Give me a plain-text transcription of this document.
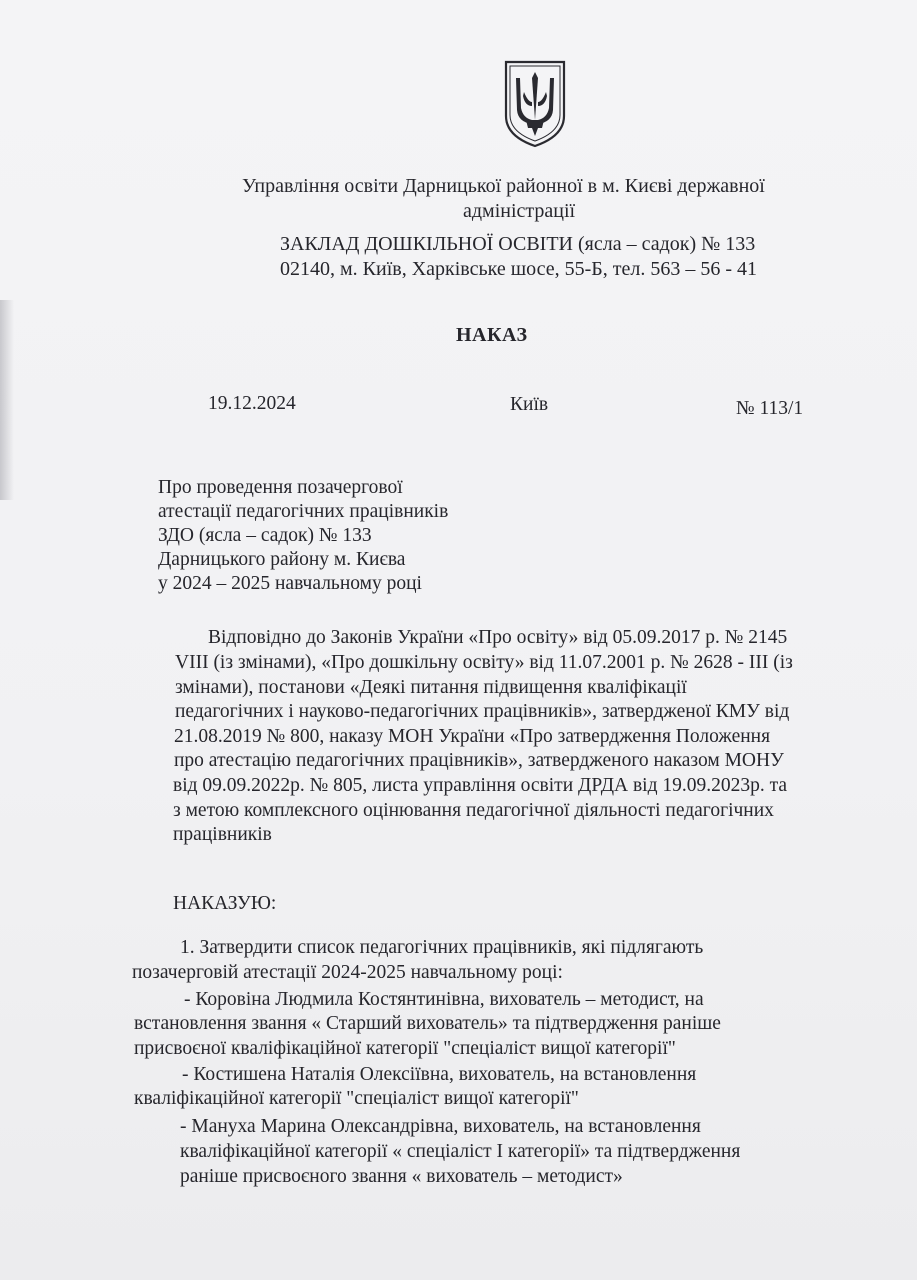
Управління освіти Дарницької районної в м. Києві державної
адміністрації
ЗАКЛАД ДОШКІЛЬНОЇ ОСВІТИ (ясла – садок) № 133
02140, м. Київ, Харківське шосе, 55-Б, тел. 563 – 56 - 41
НАКАЗ
19.12.2024	Київ	№ 113/1
Про проведення позачергової
атестації педагогічних працівників
ЗДО (ясла – садок) № 133
Дарницького району м. Києва
у 2024 – 2025 навчальному році
Відповідно до Законів України «Про освіту» від 05.09.2017 р. № 2145
VIII (із змінами), «Про дошкільну освіту» від 11.07.2001 р. № 2628 - ІІІ (із
змінами), постанови «Деякі питання підвищення кваліфікації
педагогічних і науково-педагогічних працівників», затвердженої КМУ від
21.08.2019 № 800, наказу МОН України «Про затвердження Положення
про атестацію педагогічних працівників», затвердженого наказом МОНУ
від 09.09.2022р. № 805, листа управління освіти ДРДА від 19.09.2023р. та
з метою комплексного оцінювання педагогічної діяльності педагогічних
працівників
НАКАЗУЮ:
1. Затвердити список педагогічних працівників, які підлягають
позачерговій атестації 2024-2025 навчальному році:
- Коровіна Людмила Костянтинівна, вихователь – методист, на
встановлення звання « Старший вихователь» та підтвердження раніше
присвоєної кваліфікаційної категорії "спеціаліст вищої категорії"
- Костишена Наталія Олексіївна, вихователь, на встановлення
кваліфікаційної категорії "спеціаліст вищої категорії"
- Мануха Марина Олександрівна, вихователь, на встановлення
кваліфікаційної категорії « спеціаліст І категорії» та підтвердження
раніше присвоєного звання « вихователь – методист»
